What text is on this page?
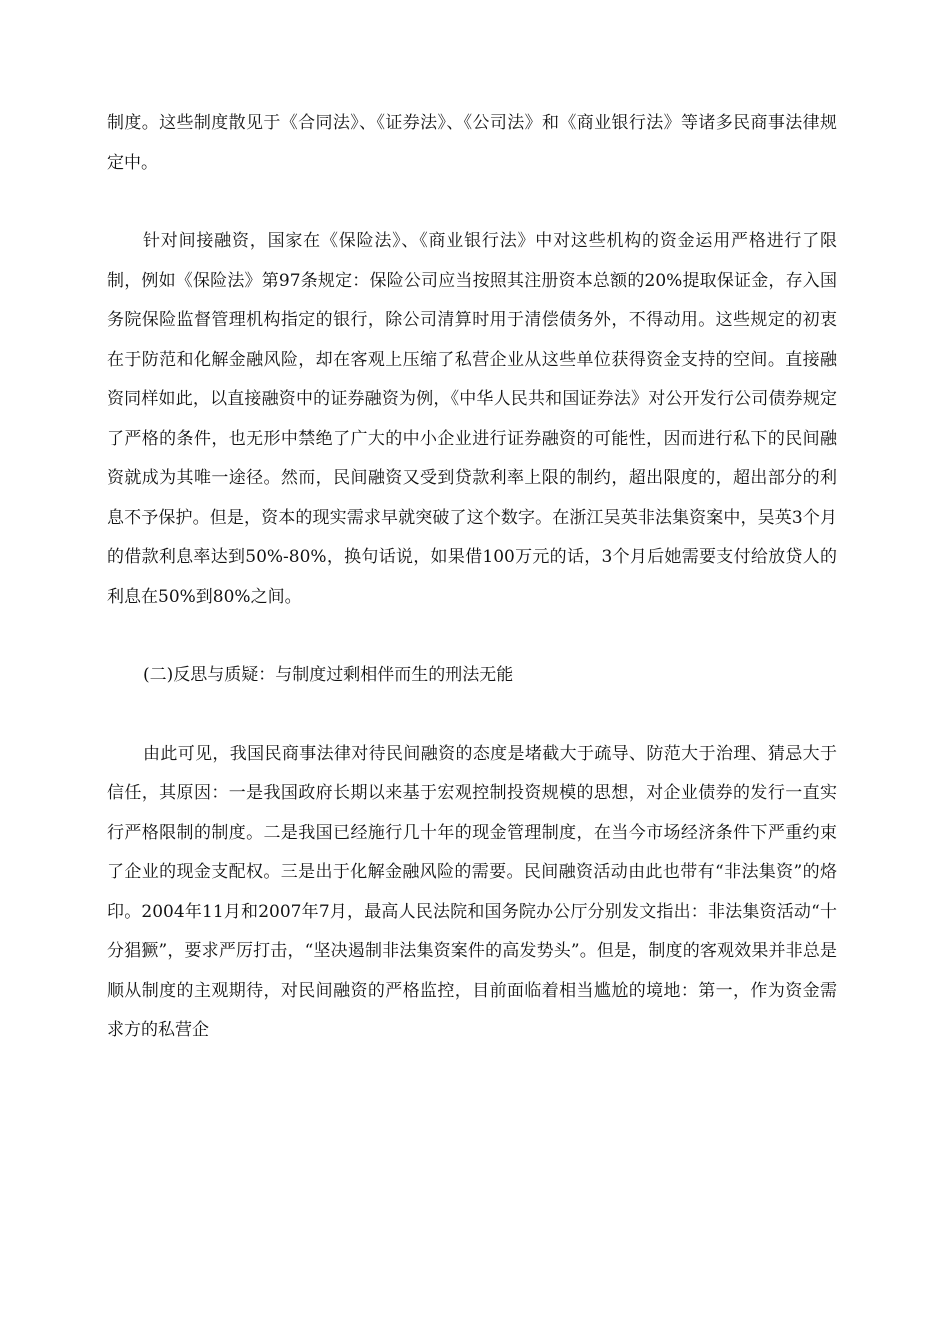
制度。这些制度散见于《合同法》、《证券法》、《公司法》和《商业银行法》等诸多民商事法律规定中。

针对间接融资，国家在《保险法》、《商业银行法》中对这些机构的资金运用严格进行了限制，例如《保险法》第97条规定：保险公司应当按照其注册资本总额的20%提取保证金，存入国务院保险监督管理机构指定的银行，除公司清算时用于清偿债务外，不得动用。这些规定的初衷在于防范和化解金融风险，却在客观上压缩了私营企业从这些单位获得资金支持的空间。直接融资同样如此，以直接融资中的证券融资为例，《中华人民共和国证券法》对公开发行公司债券规定了严格的条件，也无形中禁绝了广大的中小企业进行证券融资的可能性，因而进行私下的民间融资就成为其唯一途径。然而，民间融资又受到贷款利率上限的制约，超出限度的，超出部分的利息不予保护。但是，资本的现实需求早就突破了这个数字。在浙江吴英非法集资案中，吴英3个月的借款利息率达到50%-80%，换句话说，如果借100万元的话，3个月后她需要支付给放贷人的利息在50%到80%之间。

(二)反思与质疑：与制度过剩相伴而生的刑法无能

由此可见，我国民商事法律对待民间融资的态度是堵截大于疏导、防范大于治理、猜忌大于信任，其原因：一是我国政府长期以来基于宏观控制投资规模的思想，对企业债券的发行一直实行严格限制的制度。二是我国已经施行几十年的现金管理制度，在当今市场经济条件下严重约束了企业的现金支配权。三是出于化解金融风险的需要。民间融资活动由此也带有“非法集资”的烙印。2004年11月和2007年7月，最高人民法院和国务院办公厅分别发文指出：非法集资活动“十分猖獗”，要求严厉打击，“坚决遏制非法集资案件的高发势头”。但是，制度的客观效果并非总是顺从制度的主观期待，对民间融资的严格监控，目前面临着相当尴尬的境地：第一，作为资金需求方的私营企
